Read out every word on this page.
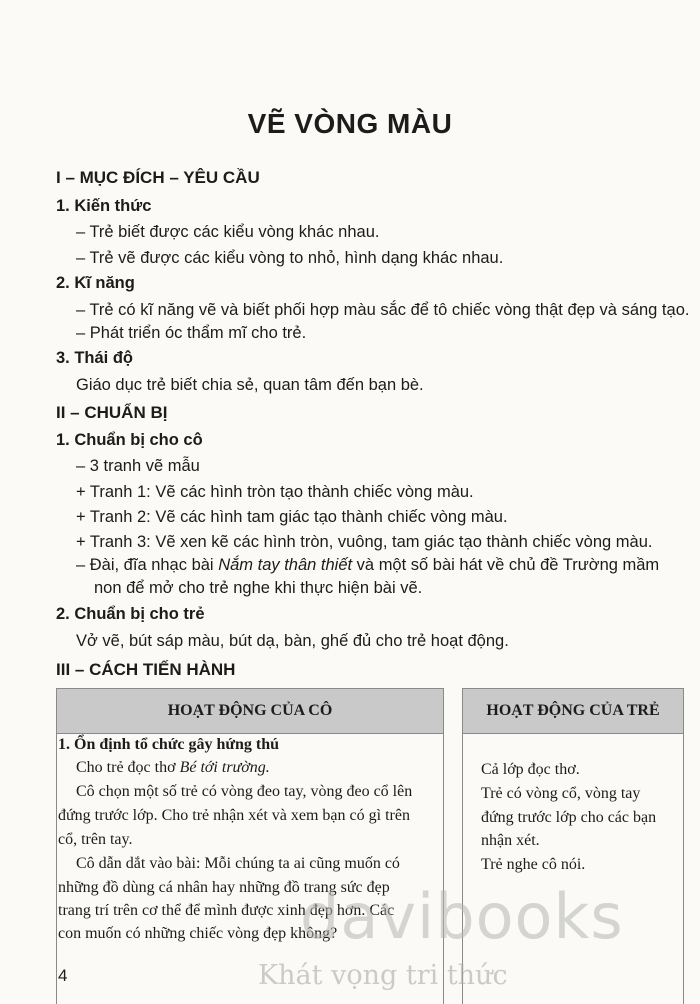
VẼ VÒNG MÀU
I – MỤC ĐÍCH – YÊU CẦU
1. Kiến thức
– Trẻ biết được các kiểu vòng khác nhau.
– Trẻ vẽ được các kiểu vòng to nhỏ, hình dạng khác nhau.
2. Kĩ năng
– Trẻ có kĩ năng vẽ và biết phối hợp màu sắc để tô chiếc vòng thật đẹp và sáng tạo.
– Phát triển óc thẩm mĩ cho trẻ.
3. Thái độ
Giáo dục trẻ biết chia sẻ, quan tâm đến bạn bè.
II – CHUẨN BỊ
1. Chuẩn bị cho cô
– 3 tranh vẽ mẫu
+ Tranh 1: Vẽ các hình tròn tạo thành chiếc vòng màu.
+ Tranh 2: Vẽ các hình tam giác tạo thành chiếc vòng màu.
+ Tranh 3: Vẽ xen kẽ các hình tròn, vuông, tam giác tạo thành chiếc vòng màu.
– Đài, đĩa nhạc bài Nắm tay thân thiết và một số bài hát về chủ đề Trường mầm
non để mở cho trẻ nghe khi thực hiện bài vẽ.
2. Chuẩn bị cho trẻ
Vở vẽ, bút sáp màu, bút dạ, bàn, ghế đủ cho trẻ hoạt động.
III – CÁCH TIẾN HÀNH
HOẠT ĐỘNG CỦA CÔ	HOẠT ĐỘNG CỦA TRẺ
1. Ổn định tổ chức gây hứng thú
Cho trẻ đọc thơ Bé tới trường.
Cô chọn một số trẻ có vòng đeo tay, vòng đeo cổ lên
đứng trước lớp. Cho trẻ nhận xét và xem bạn có gì trên
cổ, trên tay.
Cô dẫn dắt vào bài: Mỗi chúng ta ai cũng muốn có
những đồ dùng cá nhân hay những đồ trang sức đẹp
trang trí trên cơ thể để mình được xinh đẹp hơn. Các
con muốn có những chiếc vòng đẹp không?
Cả lớp đọc thơ.
Trẻ có vòng cổ, vòng tay
đứng trước lớp cho các bạn
nhận xét.
Trẻ nghe cô nói.
davibooks
Khát vọng tri thức
4
